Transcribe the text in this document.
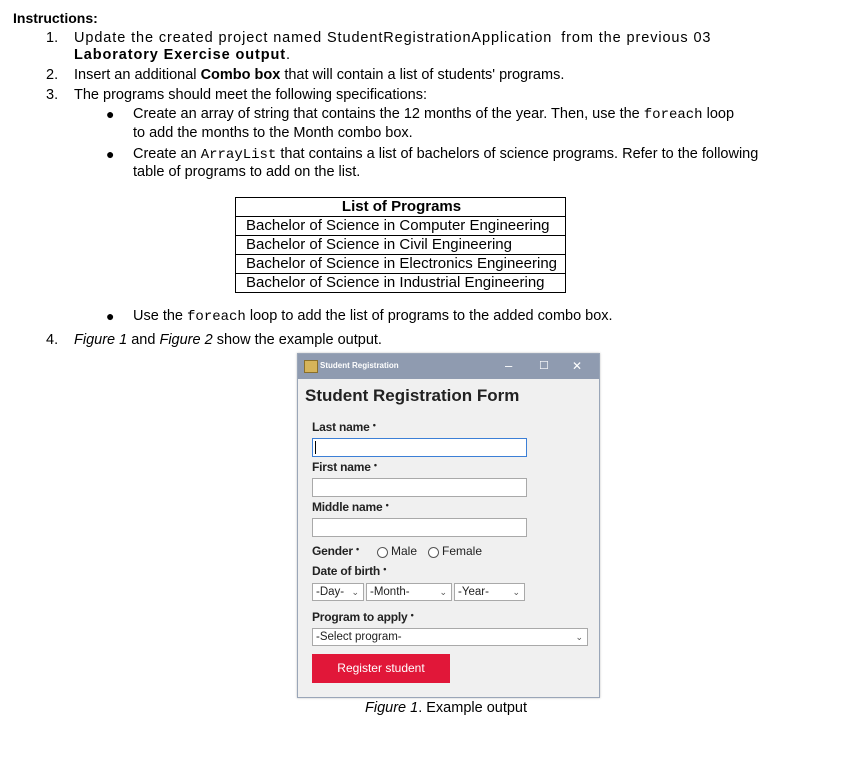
Instructions:
1. Update the created project named StudentRegistrationApplication from the previous 03
Laboratory Exercise output.
2. Insert an additional Combo box that will contain a list of students' programs.
3. The programs should meet the following specifications:
● Create an array of string that contains the 12 months of the year. Then, use the foreach loop
to add the months to the Month combo box.
● Create an ArrayList that contains a list of bachelors of science programs. Refer to the following
table of programs to add on the list.
List of Programs
Bachelor of Science in Computer Engineering
Bachelor of Science in Civil Engineering
Bachelor of Science in Electronics Engineering
Bachelor of Science in Industrial Engineering
● Use the foreach loop to add the list of programs to the added combo box.
4. Figure 1 and Figure 2 show the example output.
Student Registration	– ☐ ✕
Student Registration Form
Last name •
First name •
Middle name •
Gender •	Male Female
Date of birth •
-Day- ⌄ -Month-	⌄ -Year-	⌄
Program to apply •
-Select program-	⌄
Register student
Figure 1. Example output
